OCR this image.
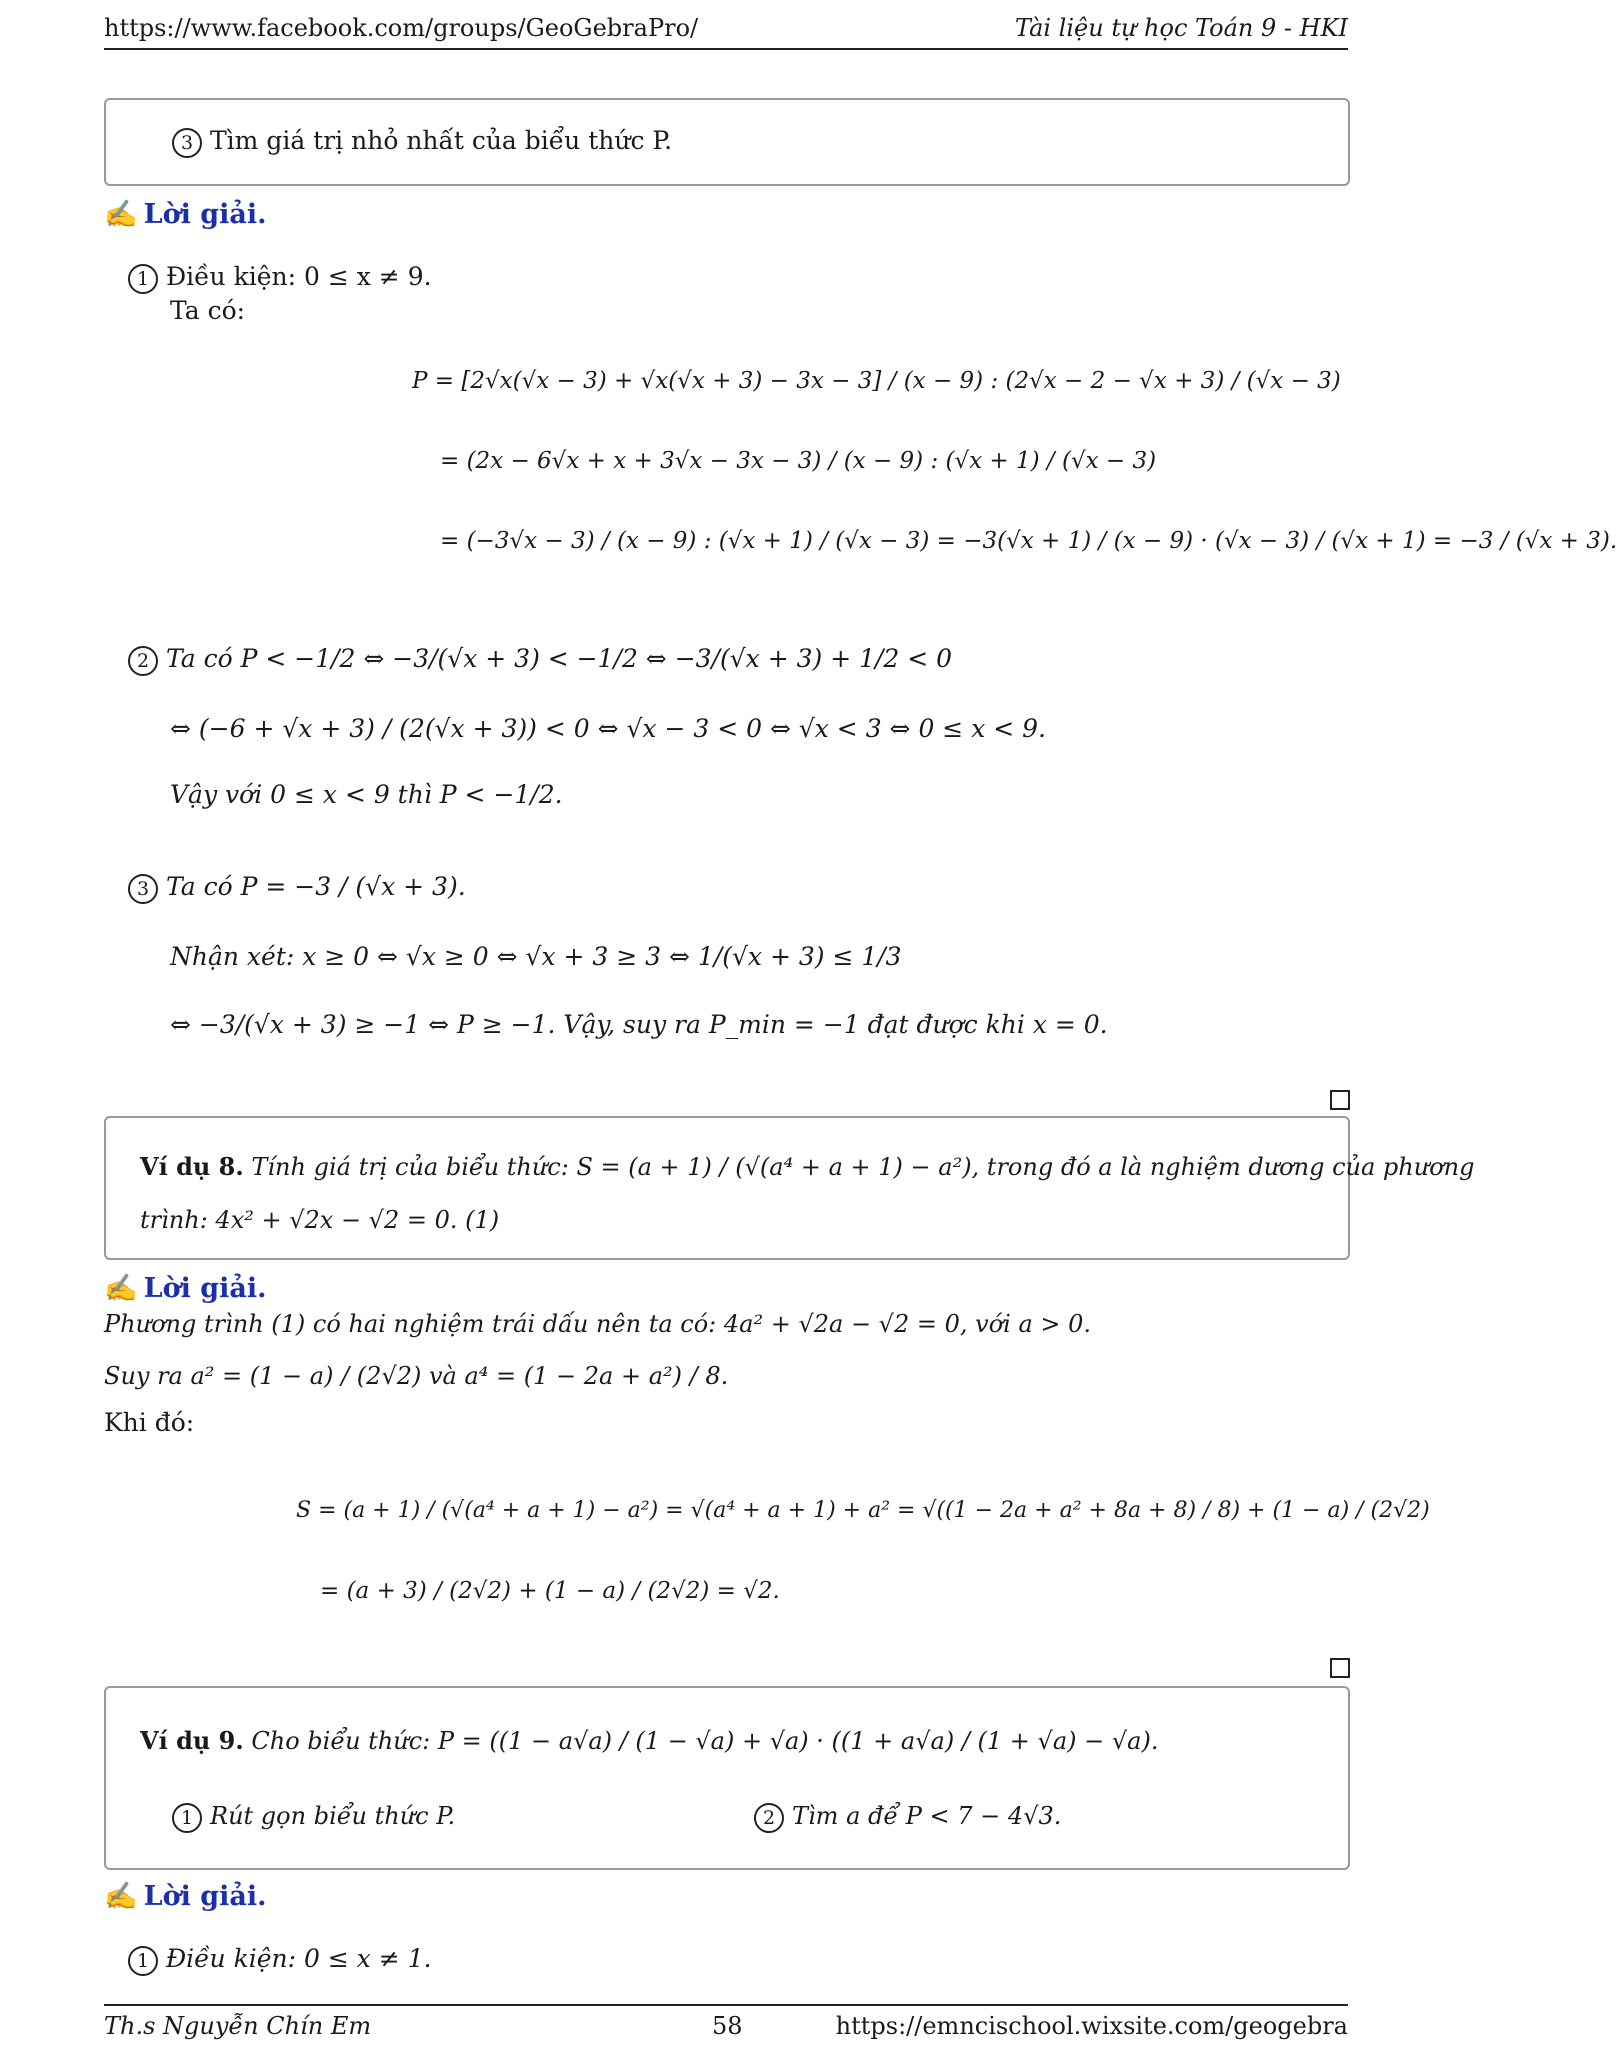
https://www.facebook.com/groups/GeoGebraPro/	Tài liệu tự học Toán 9 - HKI
3 Tìm giá trị nhỏ nhất của biểu thức P.
✍ Lời giải.
1 Điều kiện: 0 ≤ x ≠ 9.
Ta có:
P = [2√x(√x − 3) + √x(√x + 3) − 3x − 3] / (x − 9) : (2√x − 2 − √x + 3) / (√x − 3)
= (2x − 6√x + x + 3√x − 3x − 3) / (x − 9) : (√x + 1) / (√x − 3)
= (−3√x − 3) / (x − 9) : (√x + 1) / (√x − 3) = −3(√x + 1) / (x − 9) · (√x − 3) / (√x + 1) = −3 / (√x + 3).
2 Ta có P < −1/2 ⇔ −3/(√x + 3) < −1/2 ⇔ −3/(√x + 3) + 1/2 < 0
⇔ (−6 + √x + 3) / (2(√x + 3)) < 0 ⇔ √x − 3 < 0 ⇔ √x < 3 ⇔ 0 ≤ x < 9.
Vậy với 0 ≤ x < 9 thì P < −1/2.
3 Ta có P = −3 / (√x + 3).
Nhận xét: x ≥ 0 ⇔ √x ≥ 0 ⇔ √x + 3 ≥ 3 ⇔ 1/(√x + 3) ≤ 1/3
⇔ −3/(√x + 3) ≥ −1 ⇔ P ≥ −1. Vậy, suy ra P_min = −1 đạt được khi x = 0.
Ví dụ 8. Tính giá trị của biểu thức: S = (a + 1) / (√(a⁴ + a + 1) − a²), trong đó a là nghiệm dương của phương
trình: 4x² + √2x − √2 = 0. (1)
✍ Lời giải.
Phương trình (1) có hai nghiệm trái dấu nên ta có: 4a² + √2a − √2 = 0, với a > 0.
Suy ra a² = (1 − a) / (2√2) và a⁴ = (1 − 2a + a²) / 8.
Khi đó:
S = (a + 1) / (√(a⁴ + a + 1) − a²) = √(a⁴ + a + 1) + a² = √((1 − 2a + a² + 8a + 8) / 8) + (1 − a) / (2√2)
= (a + 3) / (2√2) + (1 − a) / (2√2) = √2.
Ví dụ 9. Cho biểu thức: P = ((1 − a√a) / (1 − √a) + √a) · ((1 + a√a) / (1 + √a) − √a).
1 Rút gọn biểu thức P.	2 Tìm a để P < 7 − 4√3.
✍ Lời giải.
1 Điều kiện: 0 ≤ x ≠ 1.
Th.s Nguyễn Chín Em	58	https://emncischool.wixsite.com/geogebra
